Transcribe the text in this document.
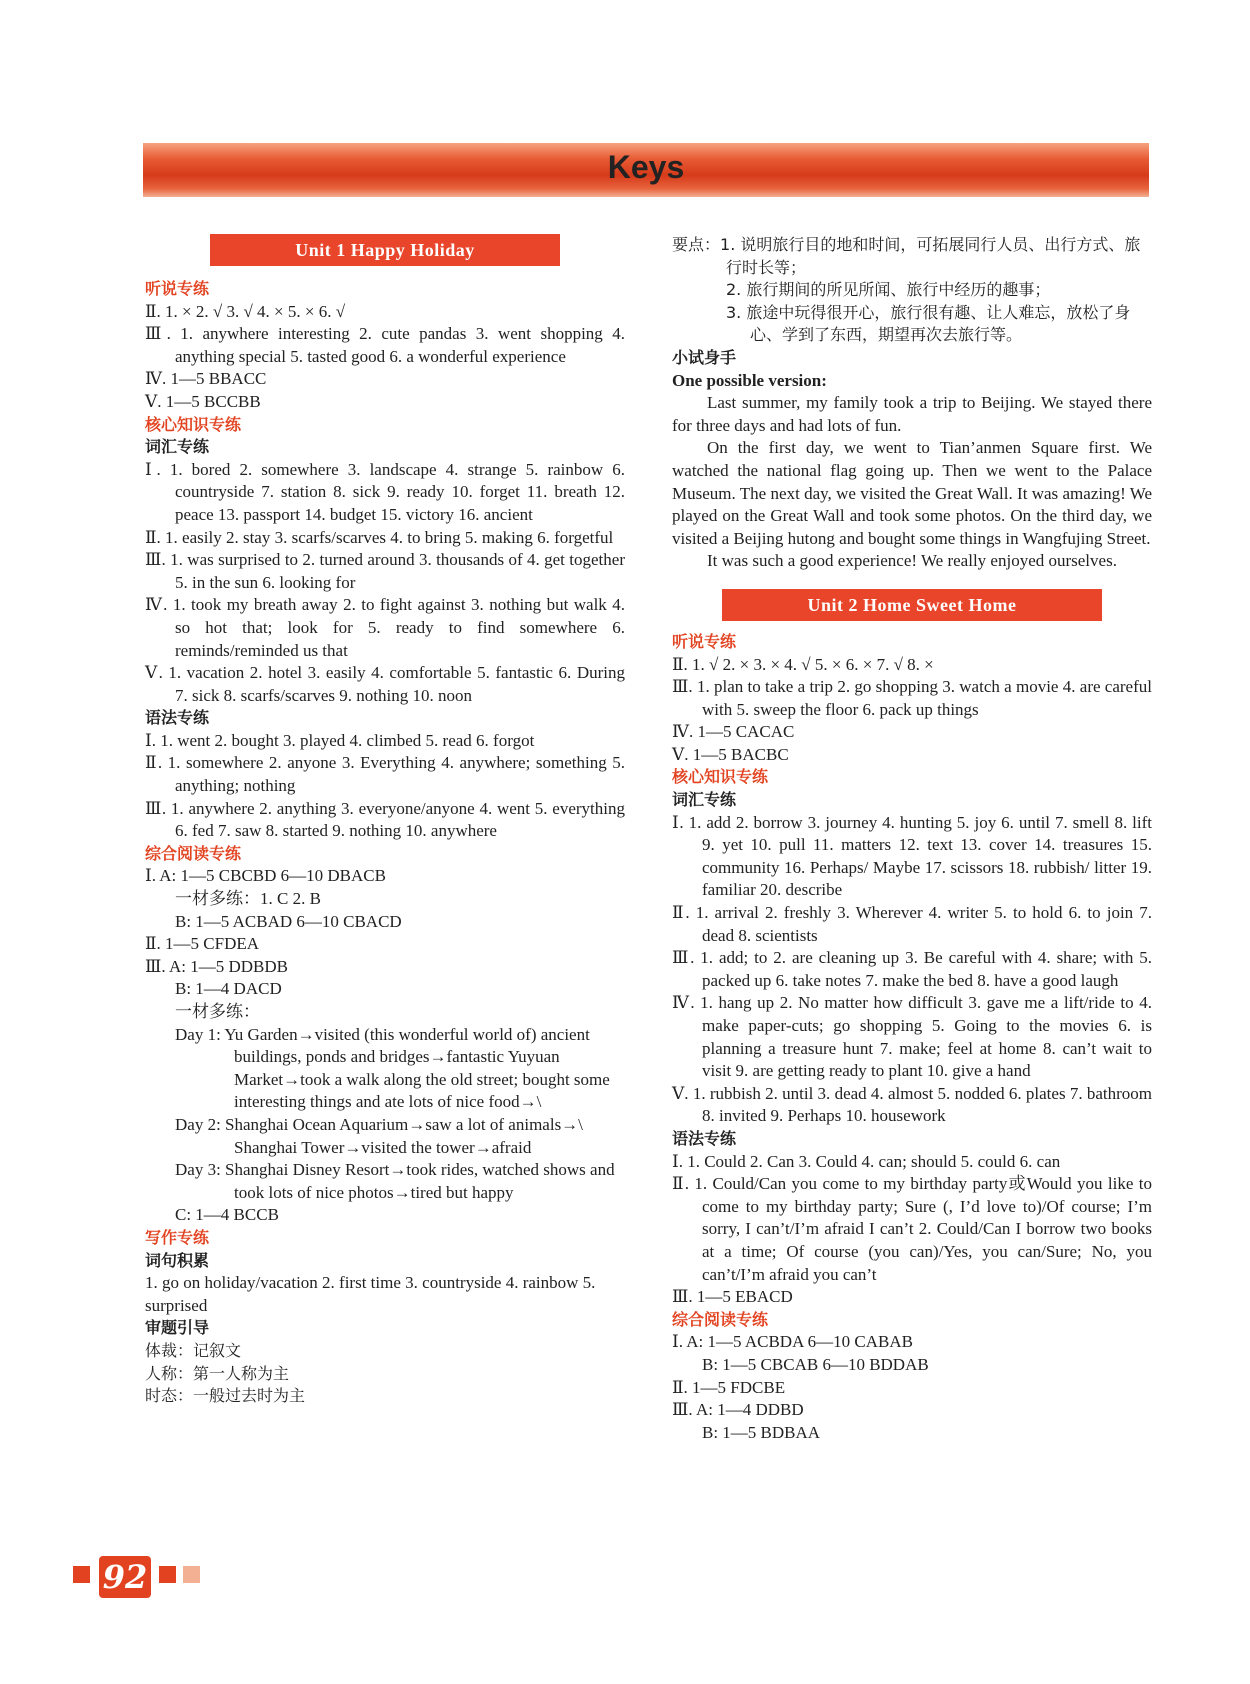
Keys
Unit 1 Happy Holiday
听说专练
Ⅱ. 1. × 2. √ 3. √ 4. × 5. × 6. √
Ⅲ. 1. anywhere interesting 2. cute pandas 3. went shopping 4. anything special 5. tasted good 6. a wonderful experience
Ⅳ. 1—5 BBACC
Ⅴ. 1—5 BCCBB
核心知识专练
词汇专练
Ⅰ. 1. bored 2. somewhere 3. landscape 4. strange 5. rainbow 6. countryside 7. station 8. sick 9. ready 10. forget 11. breath 12. peace 13. passport 14. budget 15. victory 16. ancient
Ⅱ. 1. easily 2. stay 3. scarfs/scarves 4. to bring 5. making 6. forgetful
Ⅲ. 1. was surprised to 2. turned around 3. thousands of 4. get together 5. in the sun 6. looking for
Ⅳ. 1. took my breath away 2. to fight against 3. nothing but walk 4. so hot that; look for 5. ready to find somewhere 6. reminds/reminded us that
Ⅴ. 1. vacation 2. hotel 3. easily 4. comfortable 5. fantastic 6. During 7. sick 8. scarfs/scarves 9. nothing 10. noon
语法专练
Ⅰ. 1. went 2. bought 3. played 4. climbed 5. read 6. forgot
Ⅱ. 1. somewhere 2. anyone 3. Everything 4. anywhere; something 5. anything; nothing
Ⅲ. 1. anywhere 2. anything 3. everyone/anyone 4. went 5. everything 6. fed 7. saw 8. started 9. nothing 10. anywhere
综合阅读专练
Ⅰ. A: 1—5 CBCBD 6—10 DBACB
一材多练：1. C 2. B
B: 1—5 ACBAD 6—10 CBACD
Ⅱ. 1—5 CFDEA
Ⅲ. A: 1—5 DDBDB
B: 1—4 DACD
一材多练：
Day 1: Yu Garden→visited (this wonderful world of) ancient buildings, ponds and bridges→fantastic Yuyuan Market→took a walk along the old street; bought some interesting things and ate lots of nice food→\
Day 2: Shanghai Ocean Aquarium→saw a lot of animals→\ Shanghai Tower→visited the tower→afraid
Day 3: Shanghai Disney Resort→took rides, watched shows and took lots of nice photos→tired but happy
C: 1—4 BCCB
写作专练
词句积累
1. go on holiday/vacation 2. first time 3. countryside 4. rainbow 5. surprised
审题引导
体裁：记叙文
人称：第一人称为主
时态：一般过去时为主
要点：1. 说明旅行目的地和时间，可拓展同行人员、出行方式、旅行时长等；
2. 旅行期间的所见所闻、旅行中经历的趣事；
3. 旅途中玩得很开心，旅行很有趣、让人难忘，放松了身心、学到了东西，期望再次去旅行等。
小试身手
One possible version:
Last summer, my family took a trip to Beijing. We stayed there for three days and had lots of fun.
On the first day, we went to Tian’anmen Square first. We watched the national flag going up. Then we went to the Palace Museum. The next day, we visited the Great Wall. It was amazing! We played on the Great Wall and took some photos. On the third day, we visited a Beijing hutong and bought some things in Wangfujing Street.
It was such a good experience! We really enjoyed ourselves.
Unit 2 Home Sweet Home
听说专练
Ⅱ. 1. √ 2. × 3. × 4. √ 5. × 6. × 7. √ 8. ×
Ⅲ. 1. plan to take a trip 2. go shopping 3. watch a movie 4. are careful with 5. sweep the floor 6. pack up things
Ⅳ. 1—5 CACAC
Ⅴ. 1—5 BACBC
核心知识专练
词汇专练
Ⅰ. 1. add 2. borrow 3. journey 4. hunting 5. joy 6. until 7. smell 8. lift 9. yet 10. pull 11. matters 12. text 13. cover 14. treasures 15. community 16. Perhaps/ Maybe 17. scissors 18. rubbish/ litter 19. familiar 20. describe
Ⅱ. 1. arrival 2. freshly 3. Wherever 4. writer 5. to hold 6. to join 7. dead 8. scientists
Ⅲ. 1. add; to 2. are cleaning up 3. Be careful with 4. share; with 5. packed up 6. take notes 7. make the bed 8. have a good laugh
Ⅳ. 1. hang up 2. No matter how difficult 3. gave me a lift/ride to 4. make paper-cuts; go shopping 5. Going to the movies 6. is planning a treasure hunt 7. make; feel at home 8. can’t wait to visit 9. are getting ready to plant 10. give a hand
Ⅴ. 1. rubbish 2. until 3. dead 4. almost 5. nodded 6. plates 7. bathroom 8. invited 9. Perhaps 10. housework
语法专练
Ⅰ. 1. Could 2. Can 3. Could 4. can; should 5. could 6. can
Ⅱ. 1. Could/Can you come to my birthday party或Would you like to come to my birthday party; Sure (, I’d love to)/Of course; I’m sorry, I can’t/I’m afraid I can’t 2. Could/Can I borrow two books at a time; Of course (you can)/Yes, you can/Sure; No, you can’t/I’m afraid you can’t
Ⅲ. 1—5 EBACD
综合阅读专练
Ⅰ. A: 1—5 ACBDA 6—10 CABAB
B: 1—5 CBCAB 6—10 BDDAB
Ⅱ. 1—5 FDCBE
Ⅲ. A: 1—4 DDBD
B: 1—5 BDBAA
92
